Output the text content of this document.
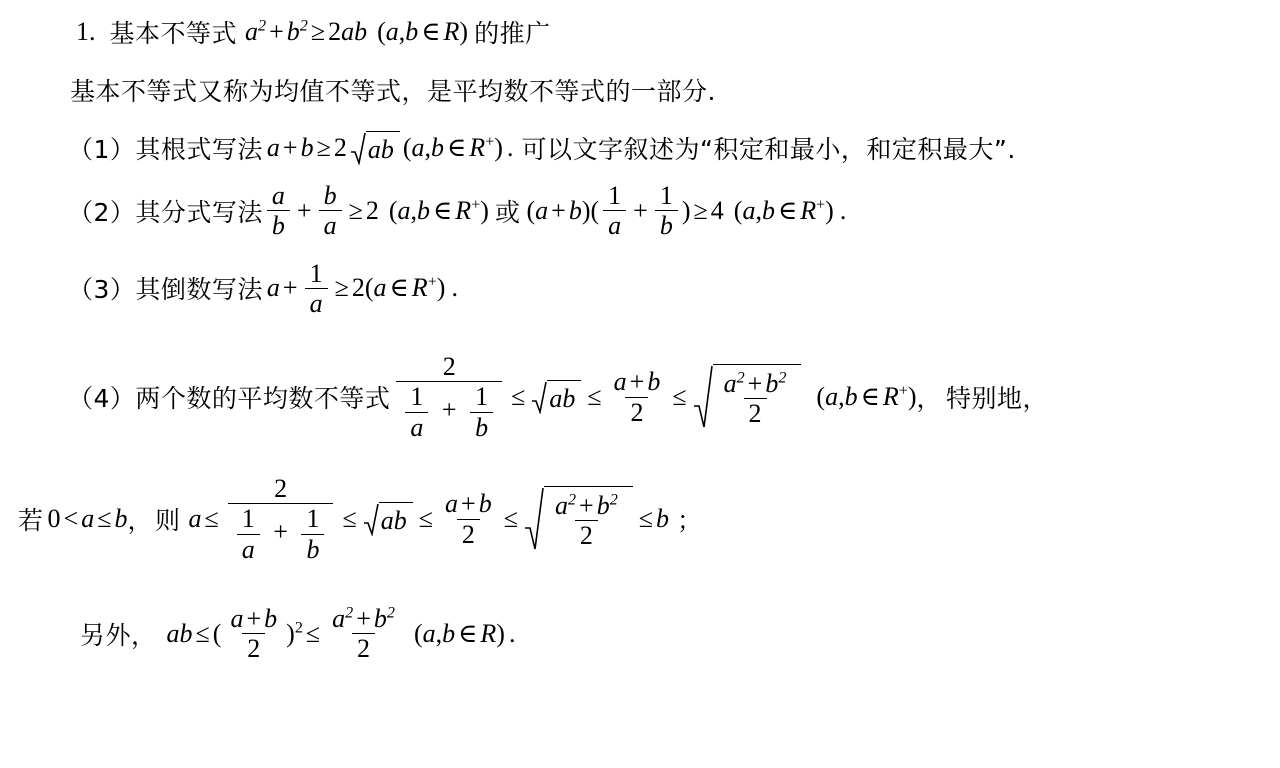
1. 基本不等式 $a^2 + b^2 \ge 2$ ab ( a , b ∈ R ) 的推广
基本不等式又称为均值不等式，是平均数不等式的一部分.
（1） 其根式写法 a + b ≥ 2 ab ( a , b ∈ R+ ) . 可以文字叙述为“积定和最小，和定积最大”.
（2） 其分式写法 $\frac{a}{b} + \frac{b}{a} \ge 2$ ( a , b ∈ R+ ) 或 ( a + b )( $\frac{1}{a} + \frac{1}{b}$ ) ≥ 4 ( a , b ∈ R+ ) .
（3） 其倒数写法 $a + \frac{1}{a} \ge 2$ ( a ∈ R+ ) .
（4） 两个数的平均数不等式
2
$\frac{1}{a} + \frac{1}{b}$ ≤ ab ≤ $\frac{a + b}{2} \le \frac{a^2 + b^2}{2}$ ( a , b ∈ R+ ) ， 特别地，
若 0 < a ≤ b ， 则 a ≤
2
$\frac{1}{a} + \frac{1}{b}$ ≤ ab ≤ $\frac{a + b}{2} \le \frac{a^2 + b^2}{2} \le b$ ；
另外， ab ≤ ( $\frac{a + b}{2} )^2 \le \frac{a^2 + b^2}{2}$ ( a , b ∈ R ) .
